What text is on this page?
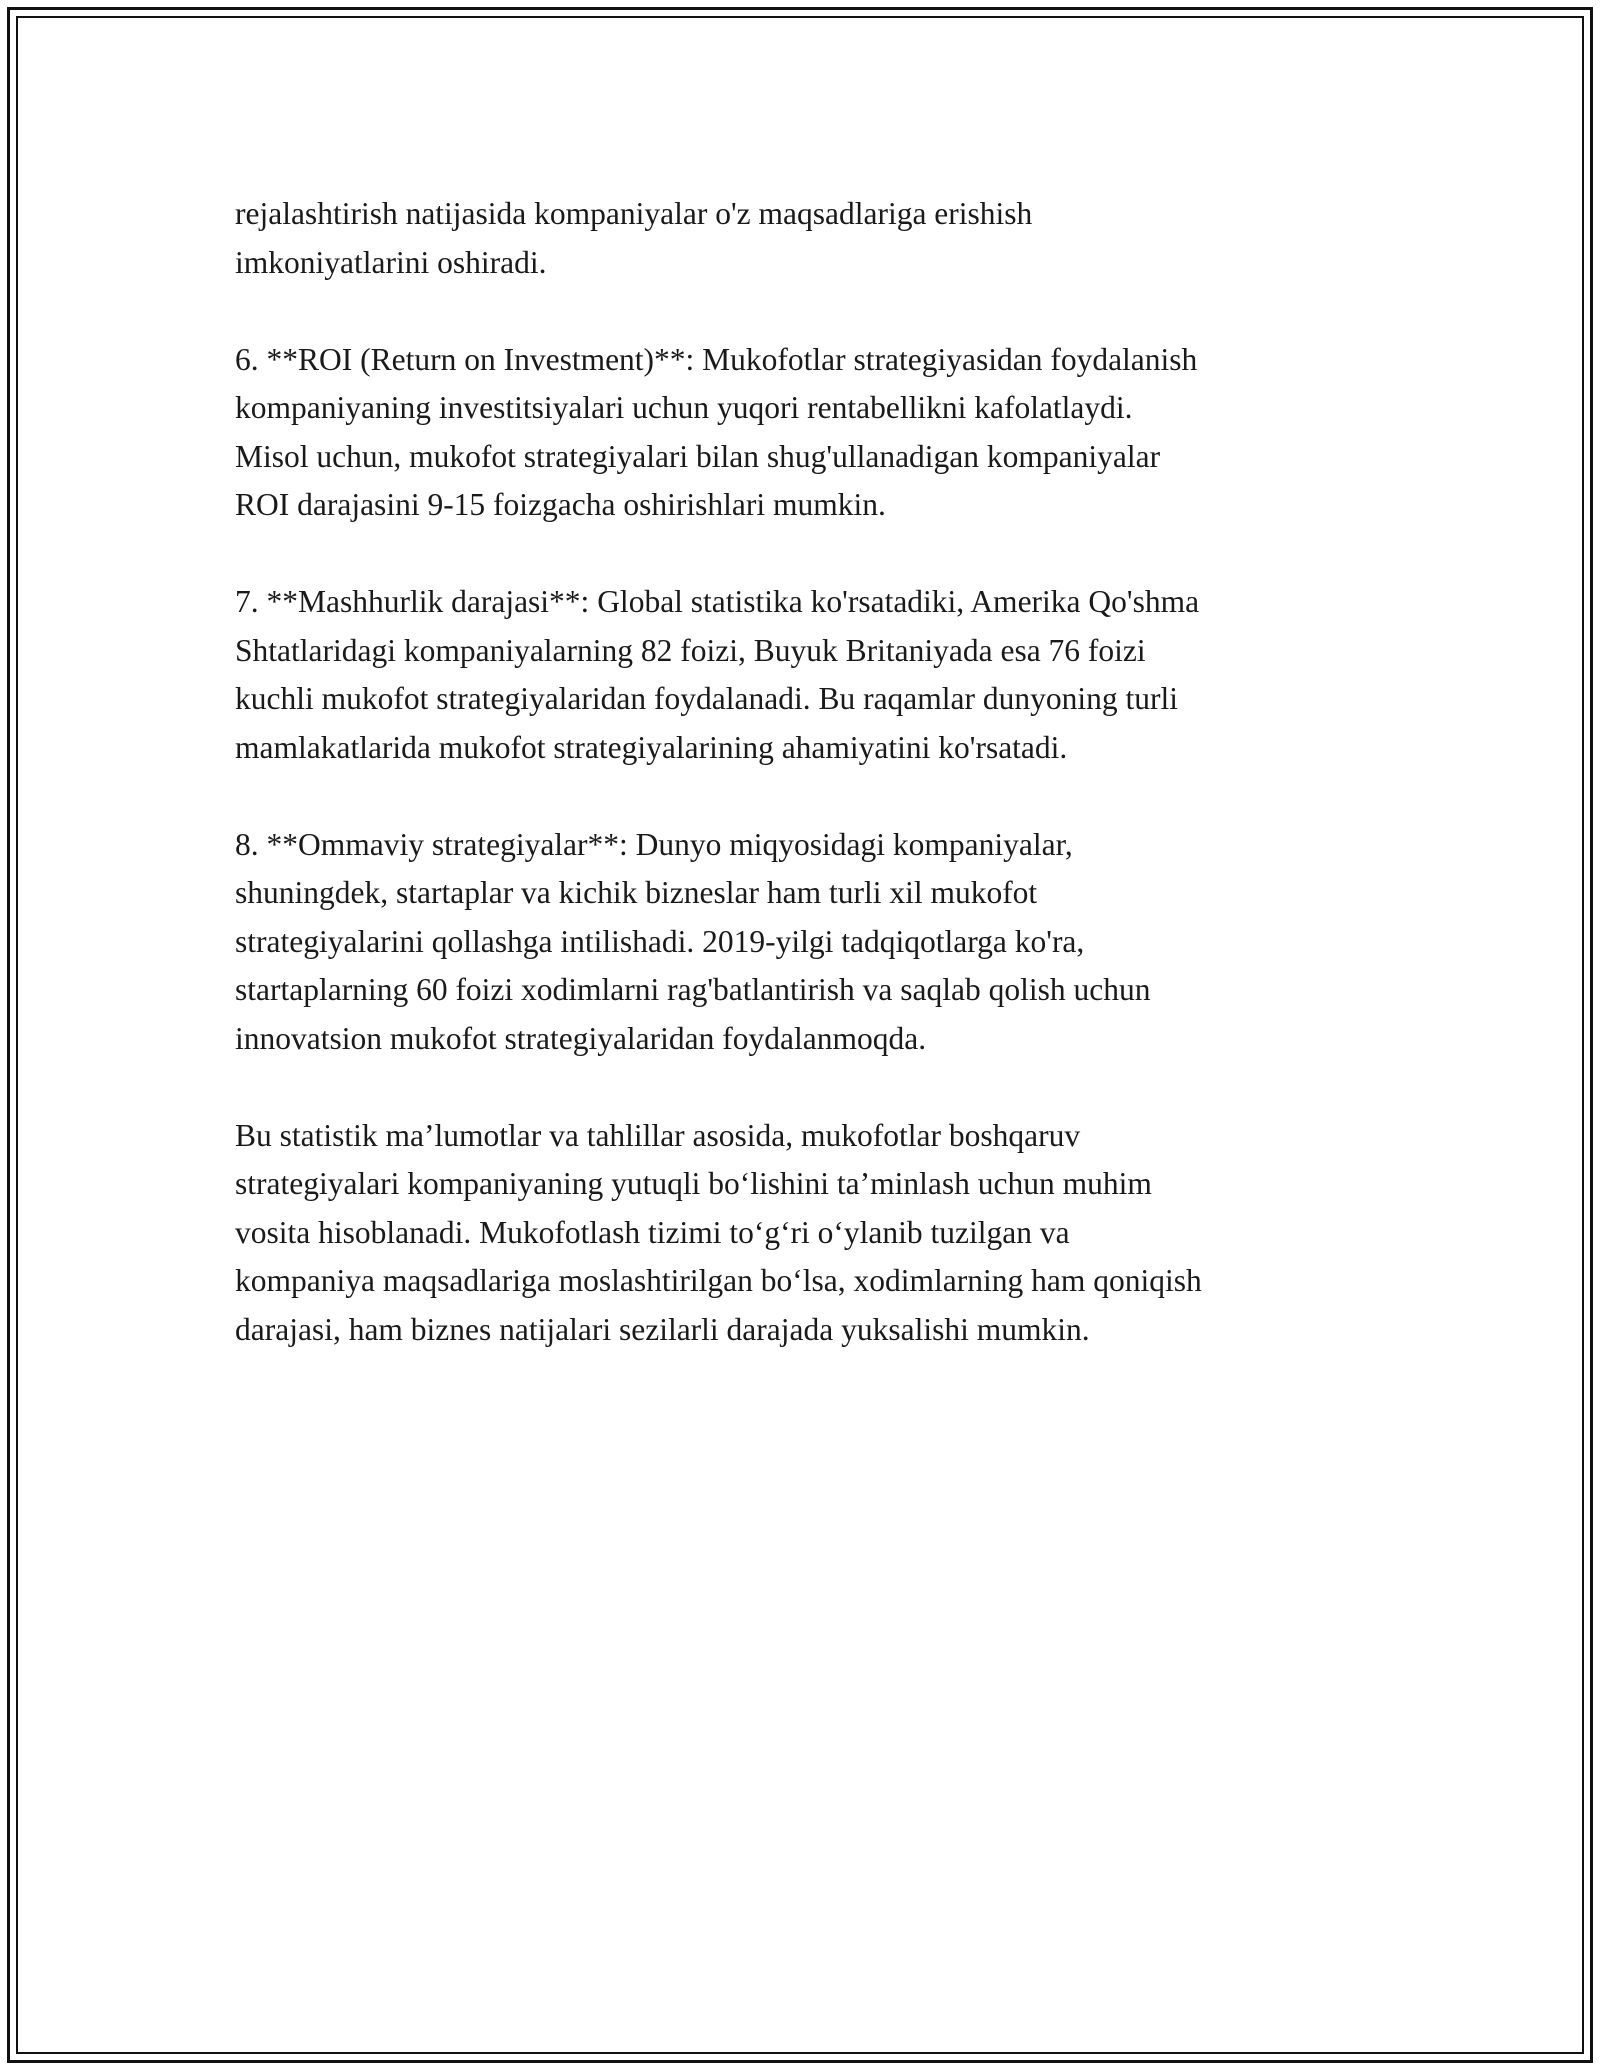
rejalashtirish natijasida kompaniyalar o'z maqsadlariga erishish
imkoniyatlarini oshiradi.

6. **ROI (Return on Investment)**: Mukofotlar strategiyasidan foydalanish
kompaniyaning investitsiyalari uchun yuqori rentabellikni kafolatlaydi.
Misol uchun, mukofot strategiyalari bilan shug'ullanadigan kompaniyalar
ROI darajasini 9-15 foizgacha oshirishlari mumkin.

7. **Mashhurlik darajasi**: Global statistika ko'rsatadiki, Amerika Qo'shma
Shtatlaridagi kompaniyalarning 82 foizi, Buyuk Britaniyada esa 76 foizi
kuchli mukofot strategiyalaridan foydalanadi. Bu raqamlar dunyoning turli
mamlakatlarida mukofot strategiyalarining ahamiyatini ko'rsatadi.

8. **Ommaviy strategiyalar**: Dunyo miqyosidagi kompaniyalar,
shuningdek, startaplar va kichik bizneslar ham turli xil mukofot
strategiyalarini qollashga intilishadi. 2019-yilgi tadqiqotlarga ko'ra,
startaplarning 60 foizi xodimlarni rag'batlantirish va saqlab qolish uchun
innovatsion mukofot strategiyalaridan foydalanmoqda.

Bu statistik ma’lumotlar va tahlillar asosida, mukofotlar boshqaruv
strategiyalari kompaniyaning yutuqli bo‘lishini ta’minlash uchun muhim
vosita hisoblanadi. Mukofotlash tizimi to‘g‘ri o‘ylanib tuzilgan va
kompaniya maqsadlariga moslashtirilgan bo‘lsa, xodimlarning ham qoniqish
darajasi, ham biznes natijalari sezilarli darajada yuksalishi mumkin.
